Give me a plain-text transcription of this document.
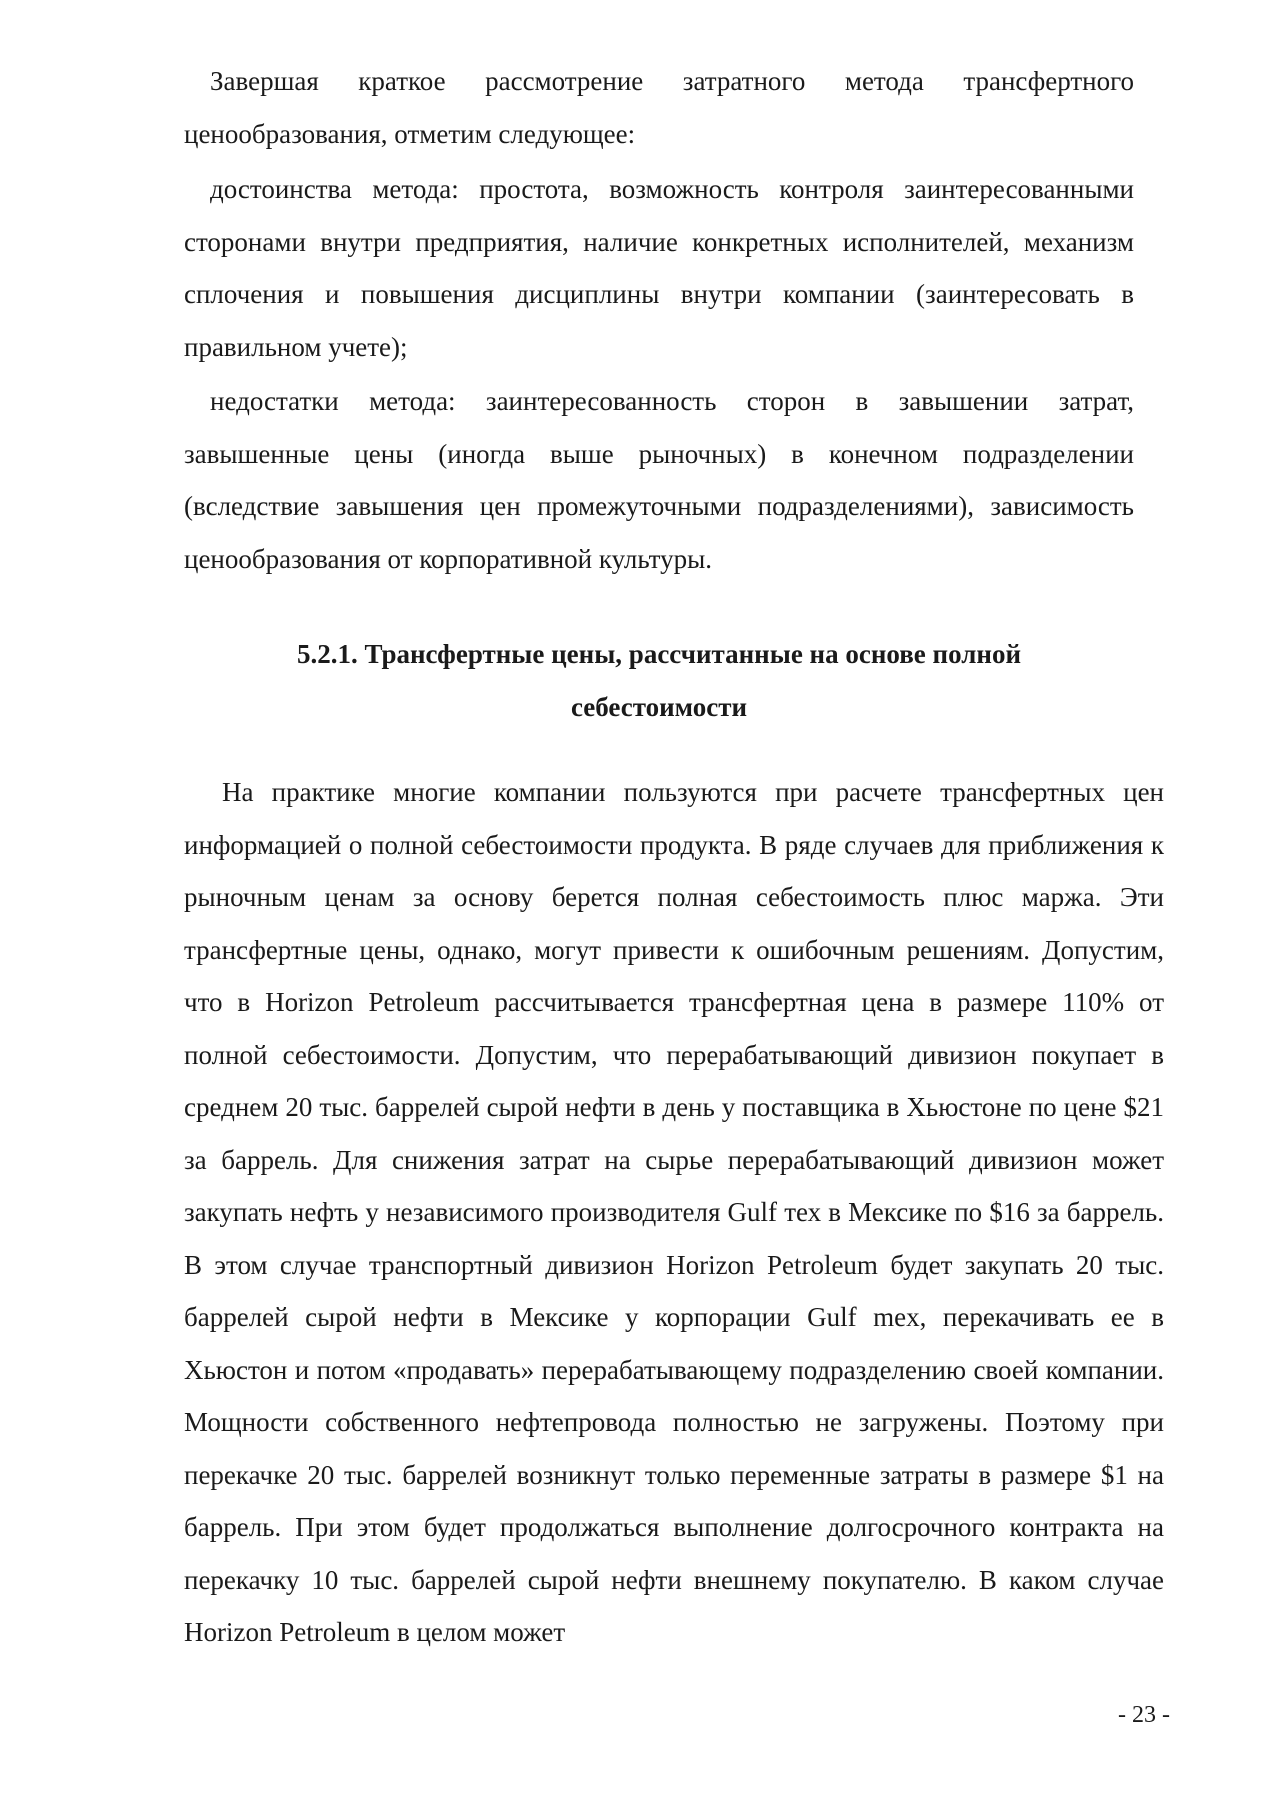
Завершая краткое рассмотрение затратного метода трансфертного ценообразования, отметим следующее:

достоинства метода: простота, возможность контроля заинтересованными сторонами внутри предприятия, наличие конкретных исполнителей, механизм сплочения и повышения дисциплины внутри компании (заинтересовать в правильном учете);

недостатки метода: заинтересованность сторон в завышении затрат, завышенные цены (иногда выше рыночных) в конечном подразделении (вследствие завышения цен промежуточными подразделениями), зависимость ценообразования от корпоративной культуры.

5.2.1. Трансфертные цены, рассчитанные на основе полной
себестоимости

На практике многие компании пользуются при расчете трансфертных цен информацией о полной себестоимости продукта. В ряде случаев для приближения к рыночным ценам за основу берется полная себестоимость плюс маржа. Эти трансфертные цены, однако, могут привести к ошибочным решениям. Допустим, что в Horizon Petroleum рассчитывается трансфертная цена в размере 110% от полной себестоимости. Допустим, что перерабатывающий дивизион покупает в среднем 20 тыс. баррелей сырой нефти в день у поставщика в Хьюстоне по цене $21 за баррель. Для снижения затрат на сырье перерабатывающий дивизион может закупать нефть у независимого производителя Gulf тех в Мексике по $16 за баррель. В этом случае транспортный дивизион Horizon Petroleum будет закупать 20 тыс. баррелей сырой нефти в Мексике у корпорации Gulf mex, перекачивать ее в Хьюстон и потом «продавать» перерабатывающему подразделению своей компании. Мощности собственного нефтепровода полностью не загружены. Поэтому при перекачке 20 тыс. баррелей возникнут только переменные затраты в размере $1 на баррель. При этом будет продолжаться выполнение долгосрочного контракта на перекачку 10 тыс. баррелей сырой нефти внешнему покупателю. В каком случае Horizon Petroleum в целом может

- 23 -
